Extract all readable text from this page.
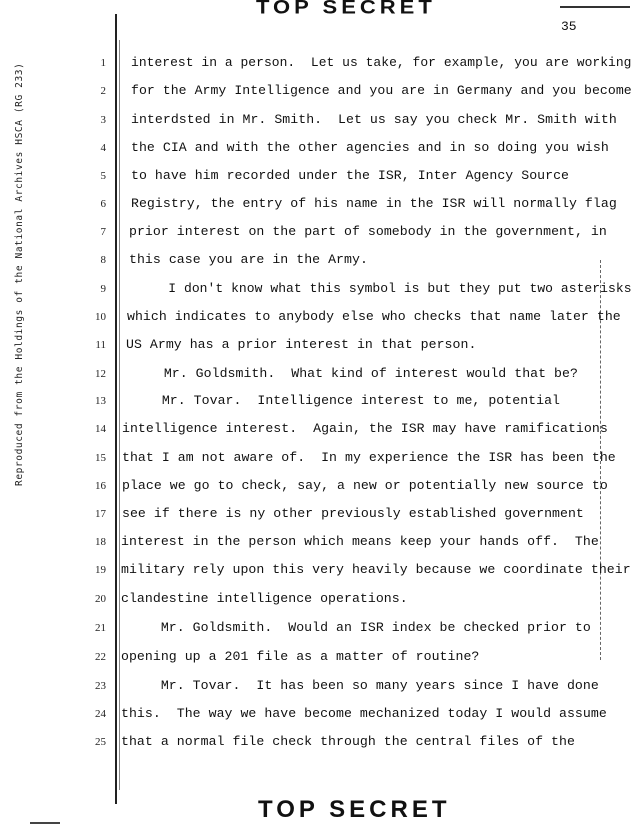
TOP SECRET
35
Reproduced from the Holdings of the National Archives HSCA (RG 233)	1 interest in a person.  Let us take, for example, you are working
2 for the Army Intelligence and you are in Germany and you become
3 interdsted in Mr. Smith.  Let us say you check Mr. Smith with
4 the CIA and with the other agencies and in so doing you wish
5 to have him recorded under the ISR, Inter Agency Source
6 Registry, the entry of his name in the ISR will normally flag
7 prior interest on the part of somebody in the government, in
8 this case you are in the Army.
9 I don't know what this symbol is but they put two asterisks
10 which indicates to anybody else who checks that name later the
11 US Army has a prior interest in that person.
12 Mr. Goldsmith.  What kind of interest would that be?
13 Mr. Tovar.  Intelligence interest to me, potential
14 intelligence interest.  Again, the ISR may have ramifications
15 that I am not aware of.  In my experience the ISR has been the
16 place we go to check, say, a new or potentially new source to
17 see if there is ny other previously established government
18 interest in the person which means keep your hands off.  The
19 military rely upon this very heavily because we coordinate their
20 clandestine intelligence operations.
21 Mr. Goldsmith.  Would an ISR index be checked prior to
22 opening up a 201 file as a matter of routine?
23 Mr. Tovar.  It has been so many years since I have done
24 this.  The way we have become mechanized today I would assume
25 that a normal file check through the central files of the
TOP SECRET
